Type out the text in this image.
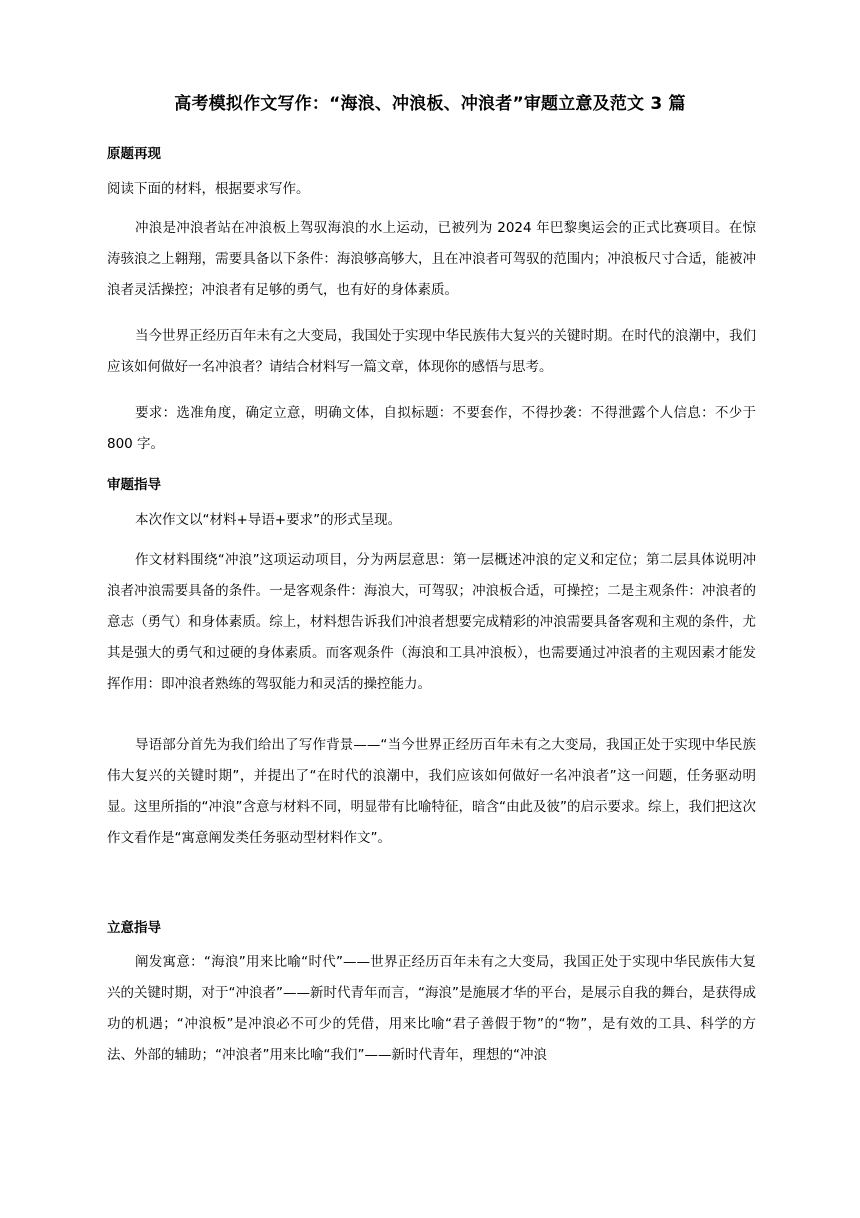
高考模拟作文写作：“海浪、冲浪板、冲浪者”审题立意及范文 3 篇
原题再现

阅读下面的材料，根据要求写作。

冲浪是冲浪者站在冲浪板上驾驭海浪的水上运动，已被列为 2024 年巴黎奥运会的正式比赛项目。在惊涛骇浪之上翱翔，需要具备以下条件：海浪够高够大，且在冲浪者可驾驭的范围内；冲浪板尺寸合适，能被冲浪者灵活操控；冲浪者有足够的勇气，也有好的身体素质。

当今世界正经历百年未有之大变局，我国处于实现中华民族伟大复兴的关键时期。在时代的浪潮中，我们应该如何做好一名冲浪者？请结合材料写一篇文章，体现你的感悟与思考。

要求：选准角度，确定立意，明确文体，自拟标题：不要套作，不得抄袭：不得泄露个人信息：不少于 800 字。

审题指导

本次作文以“材料+导语+要求”的形式呈现。

作文材料围绕“冲浪”这项运动项目，分为两层意思：第一层概述冲浪的定义和定位；第二层具体说明冲浪者冲浪需要具备的条件。一是客观条件：海浪大，可驾驭；冲浪板合适，可操控；二是主观条件：冲浪者的意志（勇气）和身体素质。综上，材料想告诉我们冲浪者想要完成精彩的冲浪需要具备客观和主观的条件，尤其是强大的勇气和过硬的身体素质。而客观条件（海浪和工具冲浪板），也需要通过冲浪者的主观因素才能发挥作用：即冲浪者熟练的驾驭能力和灵活的操控能力。

导语部分首先为我们给出了写作背景——“当今世界正经历百年未有之大变局，我国正处于实现中华民族伟大复兴的关键时期”，并提出了“在时代的浪潮中，我们应该如何做好一名冲浪者”这一问题，任务驱动明显。这里所指的“冲浪”含意与材料不同，明显带有比喻特征，暗含“由此及彼”的启示要求。综上，我们把这次作文看作是“寓意阐发类任务驱动型材料作文”。

立意指导

阐发寓意：“海浪”用来比喻“时代”——世界正经历百年未有之大变局，我国正处于实现中华民族伟大复兴的关键时期，对于“冲浪者”——新时代青年而言，“海浪”是施展才华的平台，是展示自我的舞台，是获得成功的机遇；“冲浪板”是冲浪必不可少的凭借，用来比喻“君子善假于物”的“物”，是有效的工具、科学的方法、外部的辅助；“冲浪者”用来比喻“我们”——新时代青年，理想的“冲浪
